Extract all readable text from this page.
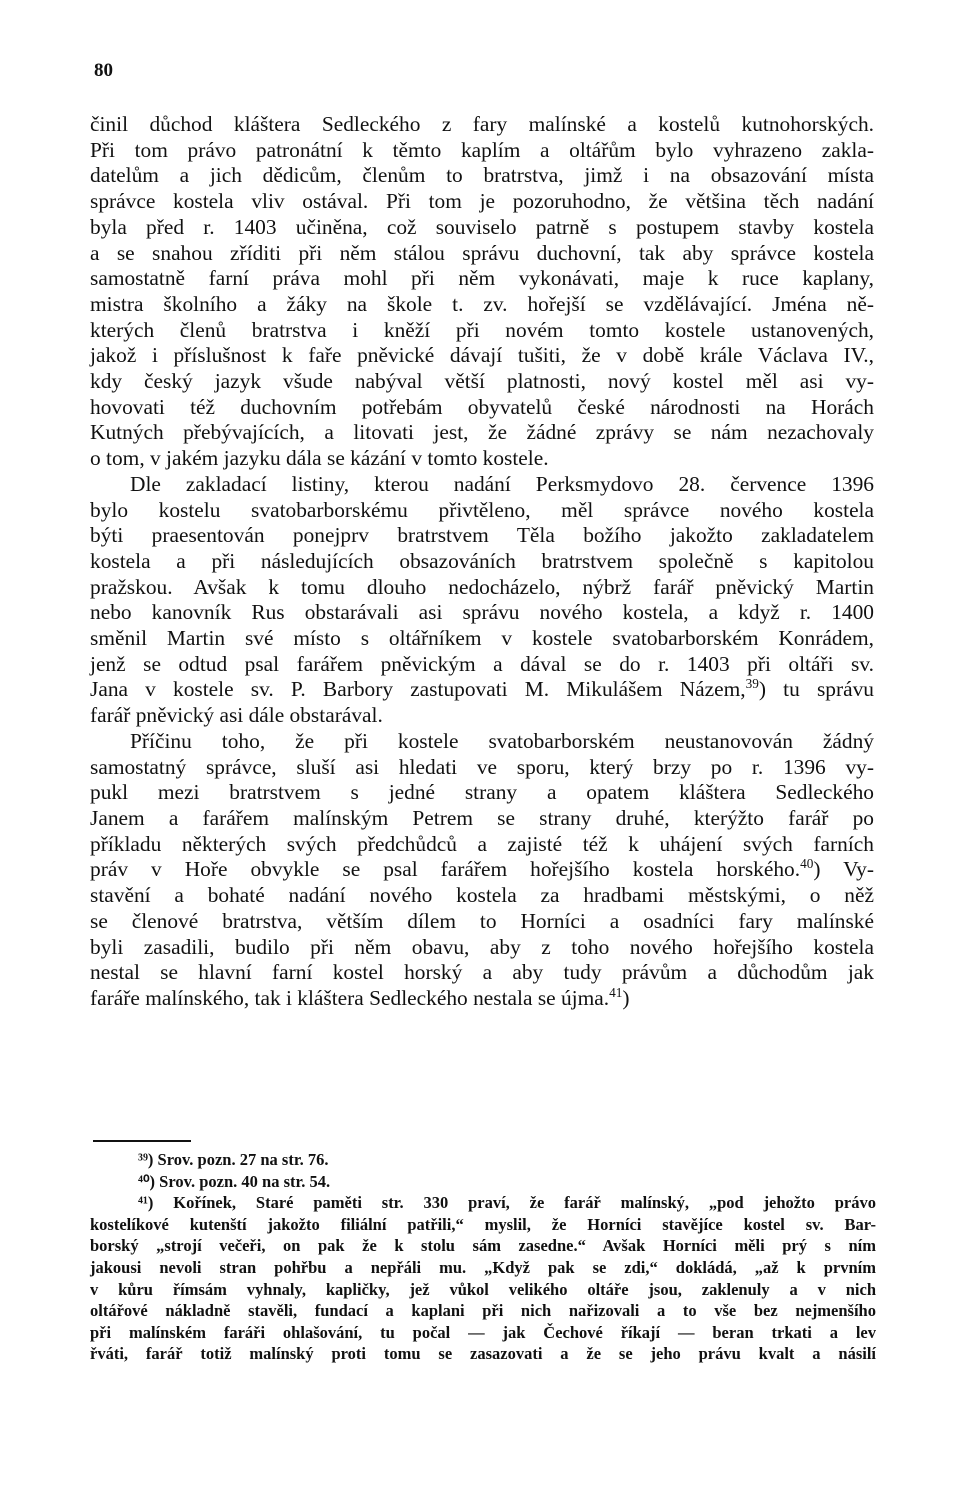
80
činil důchod kláštera Sedleckého z fary malínské a kostelů kutnohorských.
Při tom právo patronátní k těmto kaplím a oltářům bylo vyhrazeno zakla-
datelům a jich dědicům, členům to bratrstva, jimž i na obsazování místa
správce kostela vliv ostával. Při tom je pozoruhodno, že většina těch nadání
byla před r. 1403 učiněna, což souviselo patrně s postupem stavby kostela
a se snahou zříditi při něm stálou správu duchovní, tak aby správce kostela
samostatně farní práva mohl při něm vykonávati, maje k ruce kaplany,
mistra školního a žáky na škole t. zv. hořejší se vzdělávající. Jména ně-
kterých členů bratrstva i kněží při novém tomto kostele ustanovených,
jakož i příslušnost k faře pněvické dávají tušiti, že v době krále Václava IV.,
kdy český jazyk všude nabýval větší platnosti, nový kostel měl asi vy-
hovovati též duchovním potřebám obyvatelů české národnosti na Horách
Kutných přebývajících, a litovati jest, že žádné zprávy se nám nezachovaly
o tom, v jakém jazyku dála se kázání v tomto kostele.
Dle zakladací listiny, kterou nadání Perksmydovo 28. července 1396
bylo kostelu svatobarborskému přivtěleno, měl správce nového kostela
býti praesentován ponejprv bratrstvem Těla božího jakožto zakladatelem
kostela a při následujících obsazováních bratrstvem společně s kapitolou
pražskou. Avšak k tomu dlouho nedocházelo, nýbrž farář pněvický Martin
nebo kanovník Rus obstarávali asi správu nového kostela, a když r. 1400
směnil Martin své místo s oltářníkem v kostele svatobarborském Konrádem,
jenž se odtud psal farářem pněvickým a dával se do r. 1403 při oltáři sv.
Jana v kostele sv. P. Barbory zastupovati M. Mikulášem Názem,$^{39}$) tu správu
farář pněvický asi dále obstarával.
Příčinu toho, že při kostele svatobarborském neustanovován žádný
samostatný správce, sluší asi hledati ve sporu, který brzy po r. 1396 vy-
pukl mezi bratrstvem s jedné strany a opatem kláštera Sedleckého
Janem a farářem malínským Petrem se strany druhé, kterýžto farář po
příkladu některých svých předchůdců a zajisté též k uhájení svých farních
práv v Hoře obvykle se psal farářem hořejšího kostela horského.$^{40}$) Vy-
stavění a bohaté nadání nového kostela za hradbami městskými, o něž
se členové bratrstva, větším dílem to Horníci a osadníci fary malínské
byli zasadili, budilo při něm obavu, aby z toho nového hořejšího kostela
nestal se hlavní farní kostel horský a aby tudy právům a důchodům jak
faráře malínského, tak i kláštera Sedleckého nestala se újma.$^{41}$)
³⁹) Srov. pozn. 27 na str. 76.
⁴⁰) Srov. pozn. 40 na str. 54.
⁴¹) Kořínek, Staré paměti str. 330 praví, že farář malínský, „pod jehožto právo
kostelíkové kutenští jakožto filiální patřili,“ myslil, že Horníci stavějíce kostel sv. Bar-
borský „strojí večeři, on pak že k stolu sám zasedne.“ Avšak Horníci měli prý s ním
jakousi nevoli stran pohřbu a nepřáli mu. „Když pak se zdi,“ dokládá, „až k prvním
v kůru římsám vyhnaly, kapličky, jež vůkol velikého oltáře jsou, zaklenuly a v nich
oltářové nákladně stavěli, fundací a kaplani při nich nařizovali a to vše bez nejmenšího
při malínském faráři ohlašování, tu počal — jak Čechové říkají — beran trkati a lev
řváti, farář totiž malínský proti tomu se zasazovati a že se jeho právu kvalt a násilí
